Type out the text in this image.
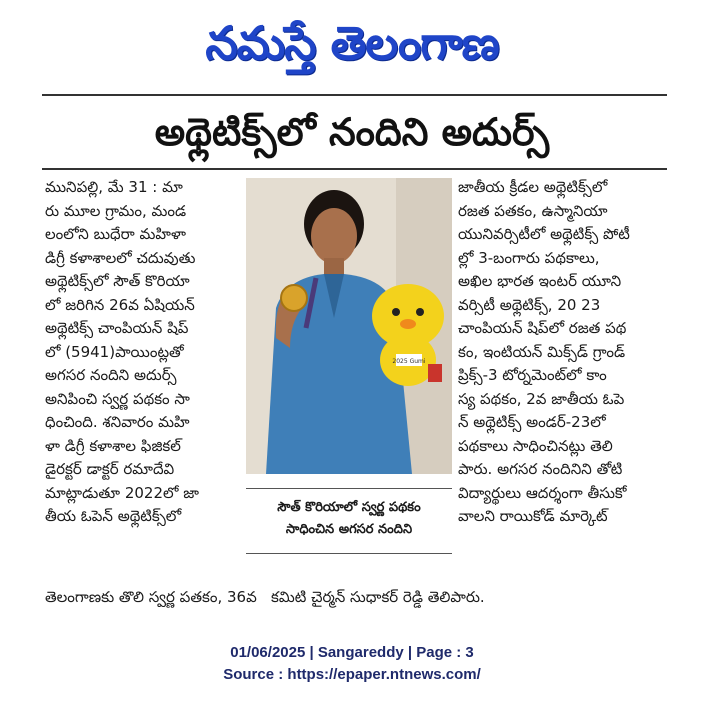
నమస్తే తెలంగాణ
అథ్లెటిక్స్‌లో నందిని అదుర్స్
మునిపల్లి, మే 31 : మా
రు మూల గ్రామం, మండ
లంలోని బుధేరా మహిళా
డిగ్రీ కళాశాలలో చదువుతు
అథ్లెటిక్స్‌లో సౌత్ కొరియా
లో జరిగిన 26వ ఏషియన్
అథ్లెటిక్స్ చాంపియన్ షిప్
లో (5941)పాయింట్లతో
అగసర నందిని అదుర్స్
అనిపించి స్వర్ణ పథకం సా
ధించింది. శనివారం మహి
ళా డిగ్రీ కళాశాల ఫిజికల్
డైరక్టర్ డాక్టర్ రమాదేవి
మాట్లాడుతూ 2022లో జా
తీయ ఓపెన్ అథ్లెటిక్స్‌లో
2025 Gumi
సౌత్ కొరియాలో స్వర్ణ పథకం
సాధించిన అగసర నందిని
జాతీయ క్రీడల అథ్లెటిక్స్‌లో
రజత పతకం, ఉస్మానియా
యునివర్సిటీలో అథ్లెటిక్స్ పోటీ
ల్లో 3-బంగారు పథకాలు,
అఖిల భారత ఇంటర్ యూని
వర్సిటీ అథ్లెటిక్స్, 20 23
చాంపియన్ షిప్‌లో రజత పథ
కం, ఇంటియన్ మిక్స్‌డ్ గ్రాండ్
ప్రిక్స్-3 టోర్నమెంట్‌లో కాం
స్య పథకం, 2వ జాతీయ ఓపె
న్ అథ్లెటిక్స్ అండర్-23లో
పథకాలు సాధించినట్లు తెలి
పారు. అగసర నందినిని తోటి
విద్యార్థులు ఆదర్శంగా తీసుకో
వాలని రాయికోడ్ మార్కెట్
తెలంగాణకు తొలి స్వర్ణ పతకం, 36వ   కమిటి చైర్మన్ సుధాకర్ రెడ్డి తెలిపారు.
01/06/2025 | Sangareddy | Page : 3
Source : https://epaper.ntnews.com/
